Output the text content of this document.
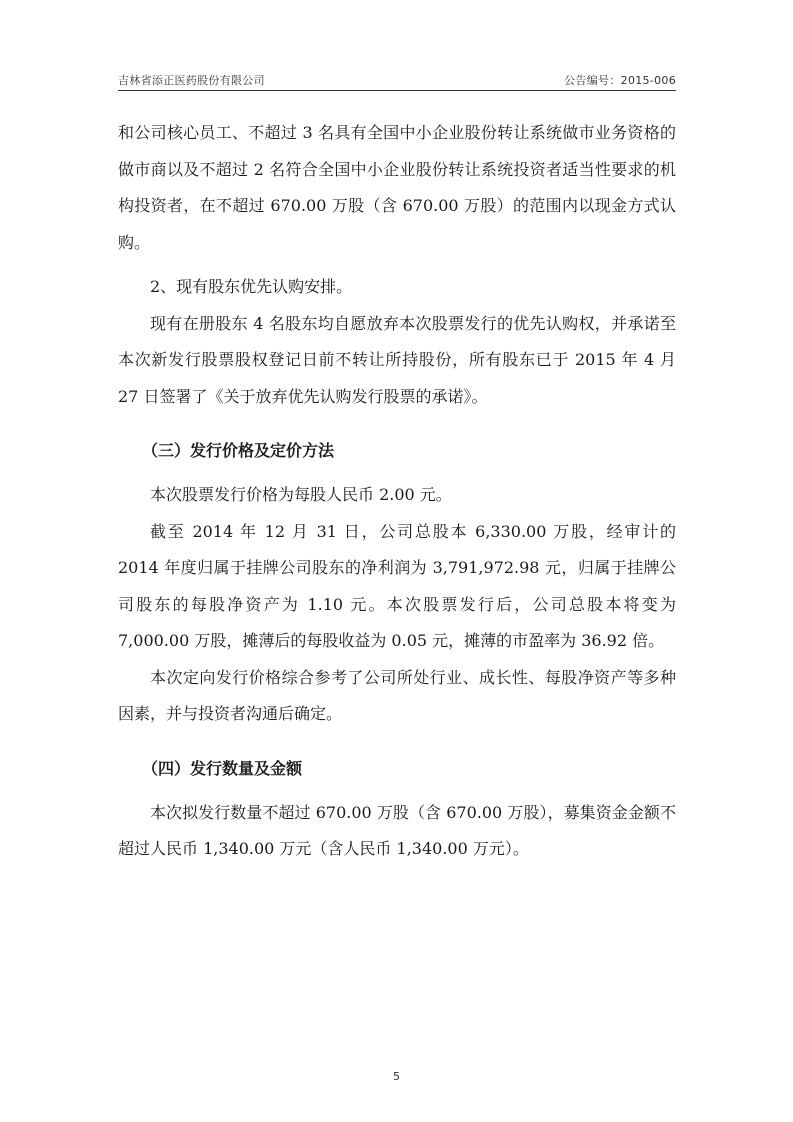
吉林省添正医药股份有限公司	公告编号：2015-006

和公司核心员工、不超过 3 名具有全国中小企业股份转让系统做市业务资格的做市商以及不超过 2 名符合全国中小企业股份转让系统投资者适当性要求的机构投资者，在不超过 670.00 万股（含 670.00 万股）的范围内以现金方式认购。

2、现有股东优先认购安排。

现有在册股东 4 名股东均自愿放弃本次股票发行的优先认购权，并承诺至本次新发行股票股权登记日前不转让所持股份，所有股东已于 2015 年 4 月 27 日签署了《关于放弃优先认购发行股票的承诺》。

（三）发行价格及定价方法

本次股票发行价格为每股人民币 2.00 元。

截至 2014 年 12 月 31 日，公司总股本 6,330.00 万股，经审计的 2014 年度归属于挂牌公司股东的净利润为 3,791,972.98 元，归属于挂牌公司股东的每股净资产为 1.10 元。本次股票发行后，公司总股本将变为 7,000.00 万股，摊薄后的每股收益为 0.05 元，摊薄的市盈率为 36.92 倍。

本次定向发行价格综合参考了公司所处行业、成长性、每股净资产等多种因素，并与投资者沟通后确定。

（四）发行数量及金额

本次拟发行数量不超过 670.00 万股（含 670.00 万股），募集资金金额不超过人民币 1,340.00 万元（含人民币 1,340.00 万元）。

5
